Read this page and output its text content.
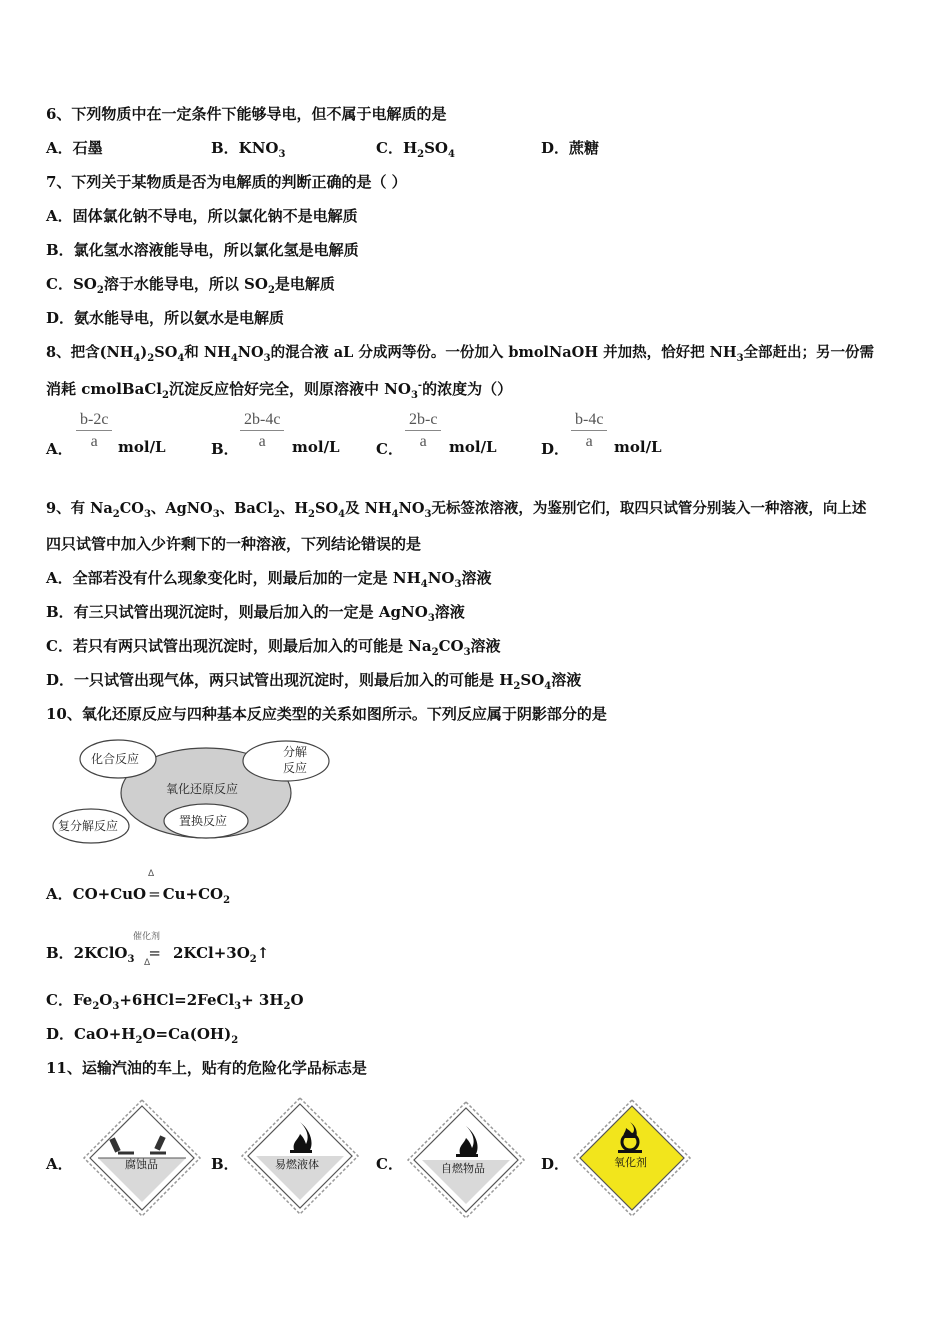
6、下列物质中在一定条件下能够导电，但不属于电解质的是
A．石墨	B．$KNO_3$	C．$H_2SO_4$	D．蔗糖
7、下列关于某物质是否为电解质的判断正确的是（ ）
A．固体氯化钠不导电，所以氯化钠不是电解质
B．氯化氢水溶液能导电，所以氯化氢是电解质
C．$SO_2$溶于水能导电，所以 $SO_2$是电解质
D．氨水能导电，所以氨水是电解质
8、把含$(NH_4)_2SO_4$和 $NH_4NO_3$的混合液 aL 分成两等份。一份加入 bmolNaOH 并加热，恰好把 $NH_3$全部赶出；另一份需
消耗 cmolBaCl$_2$沉淀反应恰好完全，则原溶液中 $NO_3^-$的浓度为（）
A． $\frac{b-2c}{a} mol/L$	B． $\frac{2b-4c}{a} mol/L$ C． $\frac{2b-c}{a} mol/L$	D． $\frac{b-4c}{a} mol/L$
9、有 $Na_2CO_3$、AgNO$_3$、BaCl$_2$、$H_2SO_4$及 $NH_4NO_3$无标签浓溶液，为鉴别它们，取四只试管分别装入一种溶液，向上述
四只试管中加入少许剩下的一种溶液，下列结论错误的是
A．全部若没有什么现象变化时，则最后加的一定是 $NH_4NO_3$溶液
B．有三只试管出现沉淀时，则最后加入的一定是 AgNO$_3$溶液
C．若只有两只试管出现沉淀时，则最后加入的可能是 $Na_2CO_3$溶液
D．一只试管出现气体，两只试管出现沉淀时，则最后加入的可能是 $H_2SO_4$溶液
10、氧化还原反应与四种基本反应类型的关系如图所示。下列反应属于阴影部分的是
化合反应	分解
反应
氧化还原反应
置换反应
复分解反应
A．$CO+CuO = Cu+CO_2$
Δ
B．2KClO$_3$ = $2KCl+3O_2↑$
催化剂
Δ
C．$Fe_2O_3+6HCl=2FeCl_3+ 3H_2O$
D．$CaO+H_2O=Ca(OH)_2$
11、运输汽油的车上，贴有的危险化学品标志是
A．	腐蚀品	B．	易燃液体	C．	自燃物品	D．	氧化剂
